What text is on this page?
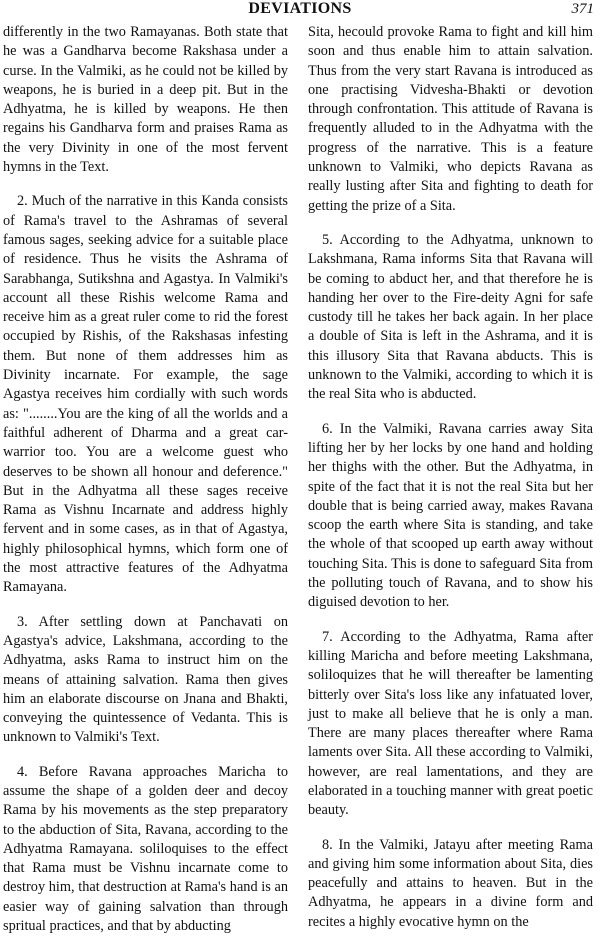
DEVIATIONS	371

differently in the two Ramayanas. Both state that he was a Gandharva become Rakshasa under a curse. In the Valmiki, as he could not be killed by weapons, he is buried in a deep pit. But in the Adhyatma, he is killed by weapons. He then regains his Gandharva form and praises Rama as the very Divinity in one of the most fervent hymns in the Text.

2. Much of the narrative in this Kanda consists of Rama's travel to the Ashramas of several famous sages, seeking advice for a suitable place of residence. Thus he visits the Ashrama of Sarabhanga, Sutikshna and Agastya. In Valmiki's account all these Rishis welcome Rama and receive him as a great ruler come to rid the forest occupied by Rishis, of the Rakshasas infesting them. But none of them addresses him as Divinity incarnate. For example, the sage Agastya receives him cordially with such words as: "........You are the king of all the worlds and a faithful adherent of Dharma and a great car-warrior too. You are a welcome guest who deserves to be shown all honour and deference." But in the Adhyatma all these sages receive Rama as Vishnu Incarnate and address highly fervent and in some cases, as in that of Agastya, highly philosophical hymns, which form one of the most attractive features of the Adhyatma Ramayana.

3. After settling down at Panchavati on Agastya's advice, Lakshmana, according to the Adhyatma, asks Rama to instruct him on the means of attaining salvation. Rama then gives him an elaborate discourse on Jnana and Bhakti, conveying the quintessence of Vedanta. This is unknown to Valmiki's Text.

4. Before Ravana approaches Maricha to assume the shape of a golden deer and decoy Rama by his movements as the step preparatory to the abduction of Sita, Ravana, according to the Adhyatma Ramayana. soliloquises to the effect that Rama must be Vishnu incarnate come to destroy him, that destruction at Rama's hand is an easier way of gaining salvation than through spritual practices, and that by abducting

Sita, hecould provoke Rama to fight and kill him soon and thus enable him to attain salvation. Thus from the very start Ravana is introduced as one practising Vidvesha-Bhakti or devotion through confrontation. This attitude of Ravana is frequently alluded to in the Adhyatma with the progress of the narrative. This is a feature unknown to Valmiki, who depicts Ravana as really lusting after Sita and fighting to death for getting the prize of a Sita.

5. According to the Adhyatma, unknown to Lakshmana, Rama informs Sita that Ravana will be coming to abduct her, and that therefore he is handing her over to the Fire-deity Agni for safe custody till he takes her back again. In her place a double of Sita is left in the Ashrama, and it is this illusory Sita that Ravana abducts. This is unknown to the Valmiki, according to which it is the real Sita who is abducted.

6. In the Valmiki, Ravana carries away Sita lifting her by her locks by one hand and holding her thighs with the other. But the Adhyatma, in spite of the fact that it is not the real Sita but her double that is being carried away, makes Ravana scoop the earth where Sita is standing, and take the whole of that scooped up earth away without touching Sita. This is done to safeguard Sita from the polluting touch of Ravana, and to show his diguised devotion to her.

7. According to the Adhyatma, Rama after killing Maricha and before meeting Lakshmana, soliloquizes that he will thereafter be lamenting bitterly over Sita's loss like any infatuated lover, just to make all believe that he is only a man. There are many places thereafter where Rama laments over Sita. All these according to Valmiki, however, are real lamentations, and they are elaborated in a touching manner with great poetic beauty.

8. In the Valmiki, Jatayu after meeting Rama and giving him some information about Sita, dies peacefully and attains to heaven. But in the Adhyatma, he appears in a divine form and recites a highly evocative hymn on the
